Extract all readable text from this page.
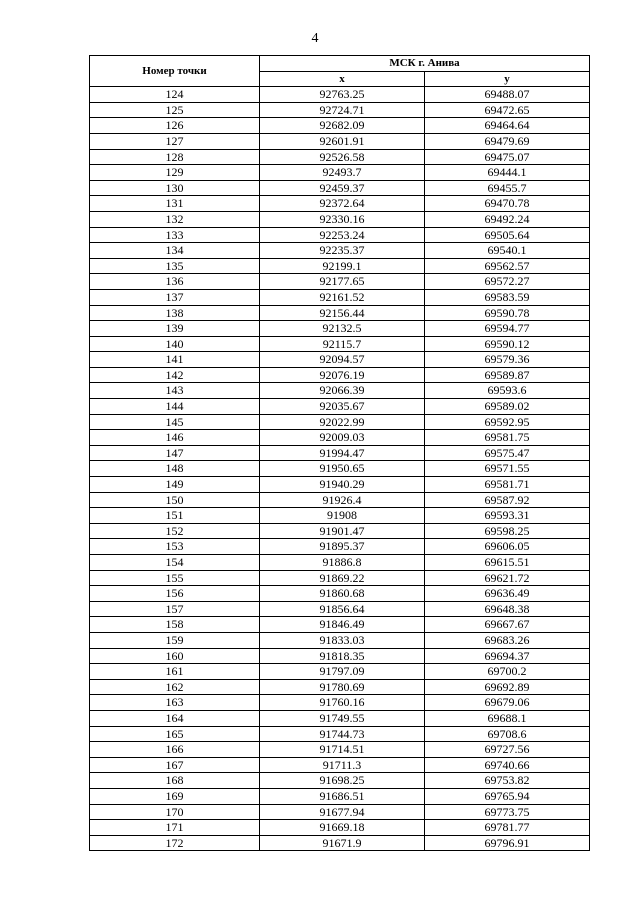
4
Номер точки	МСК г. Анива	
	x	y
124	92763.25	69488.07
125	92724.71	69472.65
126	92682.09	69464.64
127	92601.91	69479.69
128	92526.58	69475.07
129	92493.7	69444.1
130	92459.37	69455.7
131	92372.64	69470.78
132	92330.16	69492.24
133	92253.24	69505.64
134	92235.37	69540.1
135	92199.1	69562.57
136	92177.65	69572.27
137	92161.52	69583.59
138	92156.44	69590.78
139	92132.5	69594.77
140	92115.7	69590.12
141	92094.57	69579.36
142	92076.19	69589.87
143	92066.39	69593.6
144	92035.67	69589.02
145	92022.99	69592.95
146	92009.03	69581.75
147	91994.47	69575.47
148	91950.65	69571.55
149	91940.29	69581.71
150	91926.4	69587.92
151	91908	69593.31
152	91901.47	69598.25
153	91895.37	69606.05
154	91886.8	69615.51
155	91869.22	69621.72
156	91860.68	69636.49
157	91856.64	69648.38
158	91846.49	69667.67
159	91833.03	69683.26
160	91818.35	69694.37
161	91797.09	69700.2
162	91780.69	69692.89
163	91760.16	69679.06
164	91749.55	69688.1
165	91744.73	69708.6
166	91714.51	69727.56
167	91711.3	69740.66
168	91698.25	69753.82
169	91686.51	69765.94
170	91677.94	69773.75
171	91669.18	69781.77
172	91671.9	69796.91
